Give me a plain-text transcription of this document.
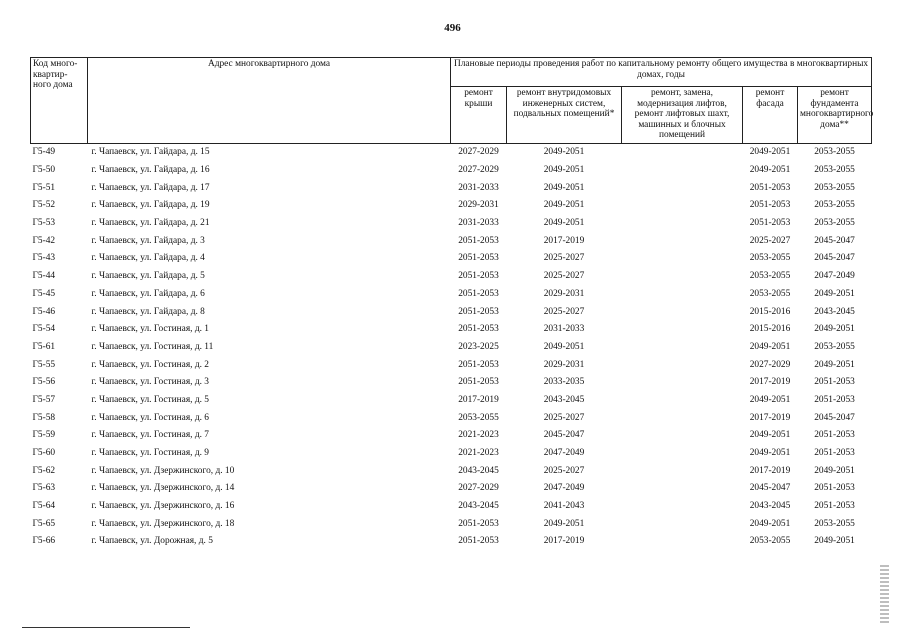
496
Код много-квартир-ного дома	Адрес многоквартирного дома	Плановые периоды проведения работ по капитальному ремонту общего имущества в многоквартирных домах, годы				
		ремонт крыши	ремонт внутридомовых инженерных систем, подвальных помещений*	ремонт, замена, модернизация лифтов, ремонт лифтовых шахт, машинных и блочных помещений	ремонт фасада	ремонт фундамента многоквартирного дома**
Г5-49	г. Чапаевск, ул. Гайдара, д. 15	2027-2029	2049-2051		2049-2051	2053-2055
Г5-50	г. Чапаевск, ул. Гайдара, д. 16	2027-2029	2049-2051		2049-2051	2053-2055
Г5-51	г. Чапаевск, ул. Гайдара, д. 17	2031-2033	2049-2051		2051-2053	2053-2055
Г5-52	г. Чапаевск, ул. Гайдара, д. 19	2029-2031	2049-2051		2051-2053	2053-2055
Г5-53	г. Чапаевск, ул. Гайдара, д. 21	2031-2033	2049-2051		2051-2053	2053-2055
Г5-42	г. Чапаевск, ул. Гайдара, д. 3	2051-2053	2017-2019		2025-2027	2045-2047
Г5-43	г. Чапаевск, ул. Гайдара, д. 4	2051-2053	2025-2027		2053-2055	2045-2047
Г5-44	г. Чапаевск, ул. Гайдара, д. 5	2051-2053	2025-2027		2053-2055	2047-2049
Г5-45	г. Чапаевск, ул. Гайдара, д. 6	2051-2053	2029-2031		2053-2055	2049-2051
Г5-46	г. Чапаевск, ул. Гайдара, д. 8	2051-2053	2025-2027		2015-2016	2043-2045
Г5-54	г. Чапаевск, ул. Гостиная, д. 1	2051-2053	2031-2033		2015-2016	2049-2051
Г5-61	г. Чапаевск, ул. Гостиная, д. 11	2023-2025	2049-2051		2049-2051	2053-2055
Г5-55	г. Чапаевск, ул. Гостиная, д. 2	2051-2053	2029-2031		2027-2029	2049-2051
Г5-56	г. Чапаевск, ул. Гостиная, д. 3	2051-2053	2033-2035		2017-2019	2051-2053
Г5-57	г. Чапаевск, ул. Гостиная, д. 5	2017-2019	2043-2045		2049-2051	2051-2053
Г5-58	г. Чапаевск, ул. Гостиная, д. 6	2053-2055	2025-2027		2017-2019	2045-2047
Г5-59	г. Чапаевск, ул. Гостиная, д. 7	2021-2023	2045-2047		2049-2051	2051-2053
Г5-60	г. Чапаевск, ул. Гостиная, д. 9	2021-2023	2047-2049		2049-2051	2051-2053
Г5-62	г. Чапаевск, ул. Дзержинского, д. 10	2043-2045	2025-2027		2017-2019	2049-2051
Г5-63	г. Чапаевск, ул. Дзержинского, д. 14	2027-2029	2047-2049		2045-2047	2051-2053
Г5-64	г. Чапаевск, ул. Дзержинского, д. 16	2043-2045	2041-2043		2043-2045	2051-2053
Г5-65	г. Чапаевск, ул. Дзержинского, д. 18	2051-2053	2049-2051		2049-2051	2053-2055
Г5-66	г. Чапаевск, ул. Дорожная, д. 5	2051-2053	2017-2019		2053-2055	2049-2051
